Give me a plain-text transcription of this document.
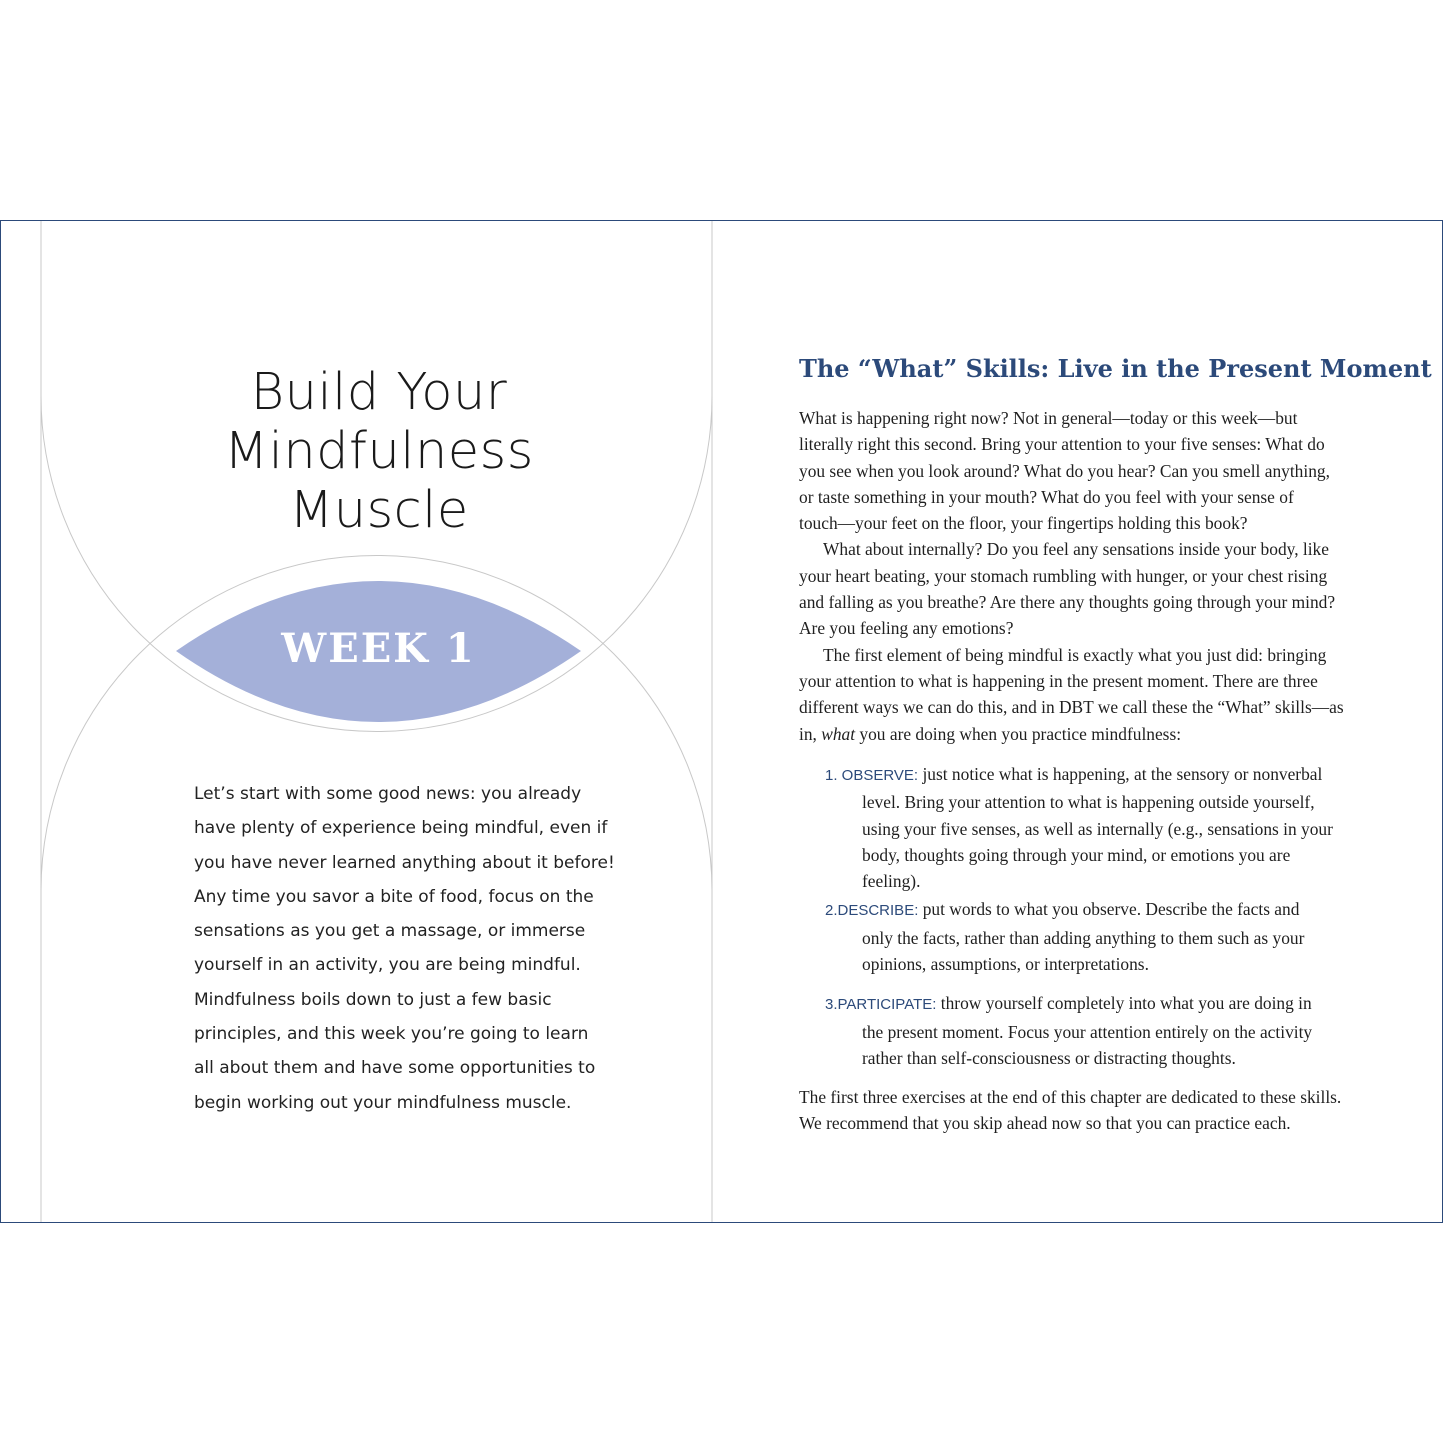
Build Your
Mindfulness
Muscle
WEEK 1

Let’s start with some good news: you already
have plenty of experience being mindful, even if
you have never learned anything about it before!
Any time you savor a bite of food, focus on the
sensations as you get a massage, or immerse
yourself in an activity, you are being mindful.
Mindfulness boils down to just a few basic
principles, and this week you’re going to learn
all about them and have some opportunities to
begin working out your mindfulness muscle.

The “What” Skills: Live in the Present Moment
What is happening right now? Not in general—today or this week—but
literally right this second. Bring your attention to your five senses: What do
you see when you look around? What do you hear? Can you smell anything,
or taste something in your mouth? What do you feel with your sense of
touch—your feet on the floor, your fingertips holding this book?
What about internally? Do you feel any sensations inside your body, like
your heart beating, your stomach rumbling with hunger, or your chest rising
and falling as you breathe? Are there any thoughts going through your mind?
Are you feeling any emotions?
The first element of being mindful is exactly what you just did: bringing
your attention to what is happening in the present moment. There are three
different ways we can do this, and in DBT we call these the “What” skills—as
in, what you are doing when you practice mindfulness:
1. OBSERVE: just notice what is happening, at the sensory or nonverbal
level. Bring your attention to what is happening outside yourself,
using your five senses, as well as internally (e.g., sensations in your
body, thoughts going through your mind, or emotions you are
feeling).
2.DESCRIBE: put words to what you observe. Describe the facts and
only the facts, rather than adding anything to them such as your
opinions, assumptions, or interpretations.
3.PARTICIPATE: throw yourself completely into what you are doing in
the present moment. Focus your attention entirely on the activity
rather than self-consciousness or distracting thoughts.
The first three exercises at the end of this chapter are dedicated to these skills.
We recommend that you skip ahead now so that you can practice each.
